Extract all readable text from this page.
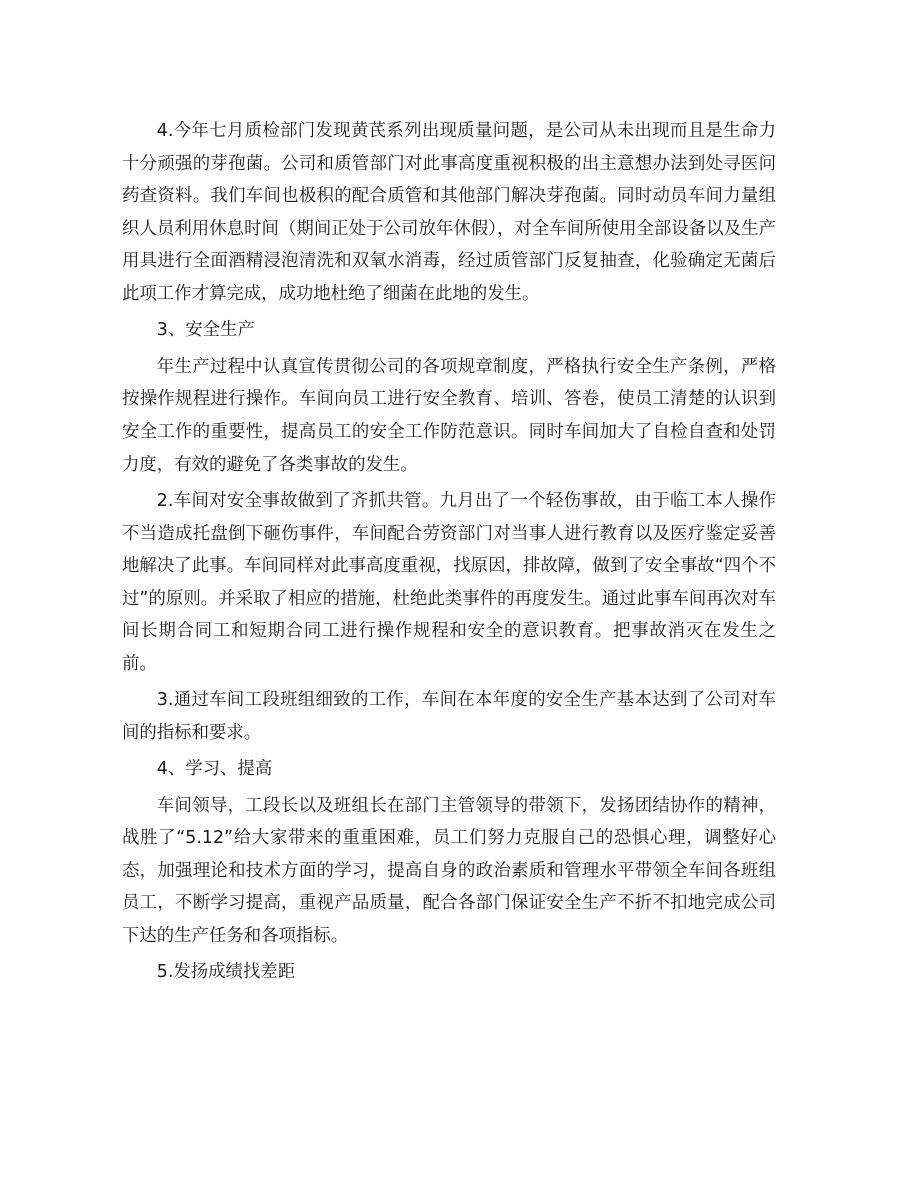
4.今年七月质检部门发现黄芪系列出现质量问题，是公司从未出现而且是生命力十分顽强的芽孢菌。公司和质管部门对此事高度重视积极的出主意想办法到处寻医问药查资料。我们车间也极积的配合质管和其他部门解决芽孢菌。同时动员车间力量组织人员利用休息时间（期间正处于公司放年休假），对全车间所使用全部设备以及生产用具进行全面酒精浸泡清洗和双氧水消毒，经过质管部门反复抽查，化验确定无菌后此项工作才算完成，成功地杜绝了细菌在此地的发生。

3、安全生产

年生产过程中认真宣传贯彻公司的各项规章制度，严格执行安全生产条例，严格按操作规程进行操作。车间向员工进行安全教育、培训、答卷，使员工清楚的认识到安全工作的重要性，提高员工的安全工作防范意识。同时车间加大了自检自查和处罚力度，有效的避免了各类事故的发生。

2.车间对安全事故做到了齐抓共管。九月出了一个轻伤事故，由于临工本人操作不当造成托盘倒下砸伤事件，车间配合劳资部门对当事人进行教育以及医疗鉴定妥善地解决了此事。车间同样对此事高度重视，找原因，排故障，做到了安全事故“四个不过”的原则。并采取了相应的措施，杜绝此类事件的再度发生。通过此事车间再次对车间长期合同工和短期合同工进行操作规程和安全的意识教育。把事故消灭在发生之前。

3.通过车间工段班组细致的工作，车间在本年度的安全生产基本达到了公司对车间的指标和要求。

4、学习、提高

车间领导，工段长以及班组长在部门主管领导的带领下，发扬团结协作的精神，战胜了“5.12”给大家带来的重重困难，员工们努力克服自己的恐惧心理，调整好心态，加强理论和技术方面的学习，提高自身的政治素质和管理水平带领全车间各班组员工，不断学习提高，重视产品质量，配合各部门保证安全生产不折不扣地完成公司下达的生产任务和各项指标。

5.发扬成绩找差距
